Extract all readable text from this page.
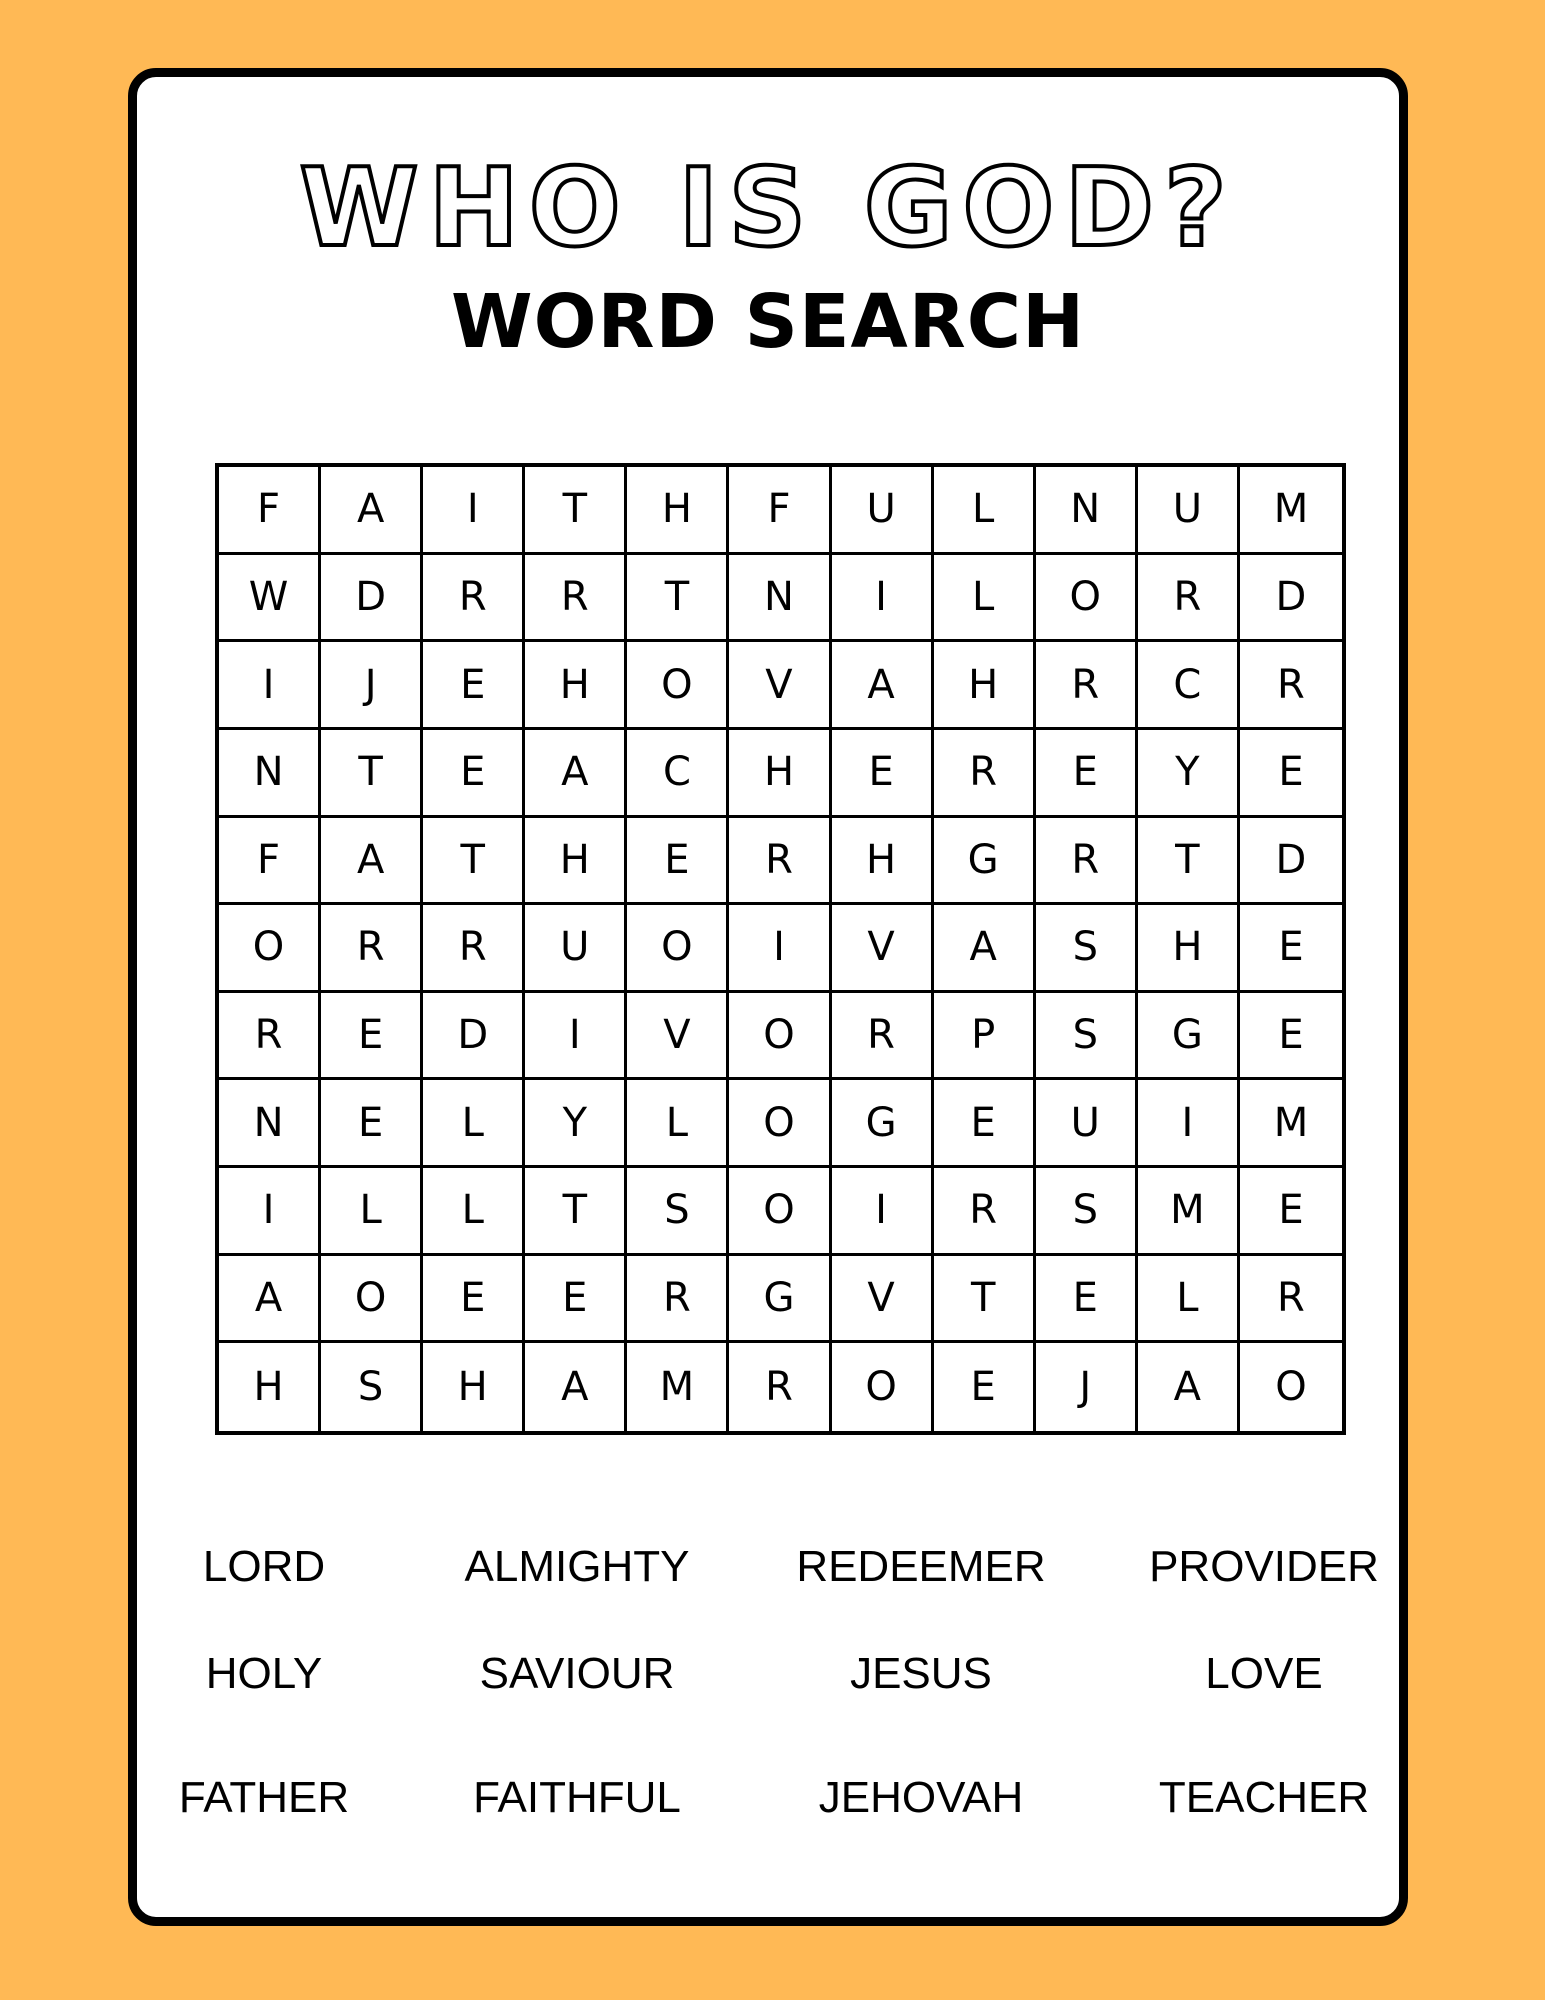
WHO IS GOD?
WORD SEARCH
F	A	I	T	H	F	U	L	N	U	M
W	D	R	R	T	N	I	L	O	R	D
I	J	E	H	O	V	A	H	R	C	R
N	T	E	A	C	H	E	R	E	Y	E
F	A	T	H	E	R	H	G	R	T	D
O	R	R	U	O	I	V	A	S	H	E
R	E	D	I	V	O	R	P	S	G	E
N	E	L	Y	L	O	G	E	U	I	M
I	L	L	T	S	O	I	R	S	M	E
A	O	E	E	R	G	V	T	E	L	R
H	S	H	A	M	R	O	E	J	A	O
LORD	ALMIGHTY	REDEEMER	PROVIDER
HOLY	SAVIOUR	JESUS	LOVE
FATHER	FAITHFUL	JEHOVAH	TEACHER
